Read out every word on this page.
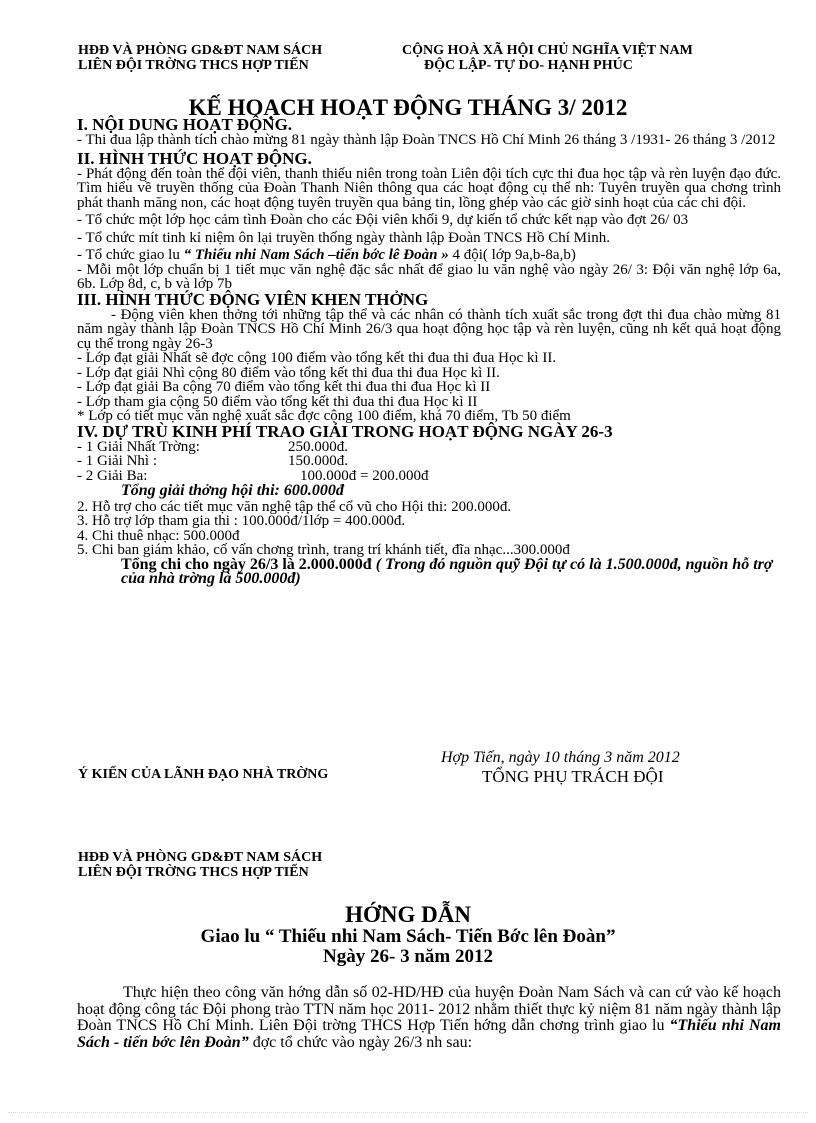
HĐĐ VÀ PHÒNG GD&ĐT NAM SÁCH
LIÊN ĐỘI TRỜNG THCS HỢP TIẾN
CỘNG HOÀ XÃ HỘI CHỦ NGHĨA VIỆT NAM
ĐỘC LẬP- TỰ DO- HẠNH PHÚC
KẾ HOẠCH HOẠT ĐỘNG THÁNG 3/ 2012
I. NỘI DUNG HOẠT ĐỘNG.
- Thi đua lập thành tích chào mừng 81 ngày thành lập Đoàn TNCS Hồ Chí Minh 26 tháng 3 /1931- 26 tháng 3 /2012
II. HÌNH THỨC HOẠT ĐỘNG.
- Phát động đến toàn thể đội viên, thanh thiếu niên trong toàn Liên đội tích cực thi đua học tập và rèn luyện đạo đức. Tìm hiểu về truyền thống của Đoàn Thanh Niên thông qua các hoạt động cụ thể nh: Tuyên truyền qua chơng trình phát thanh măng non, các hoạt động tuyên truyền qua bảng tin, lồng ghép vào các giờ sinh hoạt của các chi đội.
- Tổ chức một lớp học cảm tình Đoàn cho các Đội viên khối 9, dự kiến tổ chức kết nạp vào đợt 26/ 03
- Tổ chức mít tinh kỉ niệm ôn lại truyền thống ngày thành lập Đoàn TNCS Hồ Chí Minh.
- Tổ chức giao lu “ Thiếu nhi Nam Sách –tiến bớc lê Đoàn » 4 đội( lớp 9a,b-8a,b)
- Mỗi một lớp chuẩn bị 1 tiết mục văn nghệ đặc sắc nhất để giao lu văn nghệ vào ngày 26/ 3: Đội văn nghệ lớp 6a, 6b. Lớp 8d, c, b và lớp 7b
III. HÌNH THỨC ĐỘNG VIÊN KHEN THỞNG
- Động viên khen thởng tới những tập thể và các nhân có thành tích xuất sắc trong đợt thi đua chào mừng 81 năm ngày thành lập Đoàn TNCS Hồ Chí Minh 26/3 qua hoạt động học tập và rèn luyện, cũng nh kết quả hoạt động cụ thể trong ngày 26-3
- Lớp đạt giải Nhất sẽ đợc cộng 100 điểm vào tổng kết thi đua thi đua Học kì II.
- Lớp đạt giải Nhì cộng 80 điểm vào tổng kết thi đua thi đua Học kì II.
- Lớp đạt giải Ba cộng 70 điểm vào tổng kết thi đua thi đua Học kì II
- Lớp tham gia cộng 50 điểm vào tổng kết thi đua thi đua Học kì II
* Lớp có tiết mục văn nghệ xuất sắc đợc cộng 100 điểm, khá 70 điểm, Tb 50 điểm
IV. DỰ TRÙ KINH PHÍ TRAO GIẢI TRONG HOẠT ĐỘNG NGÀY 26-3
- 1 Giải Nhất Trờng:	250.000đ.
- 1 Giải Nhì :	150.000đ.
- 2 Giải Ba:	100.000đ = 200.000đ
Tổng giải thởng hội thi: 600.000đ
2. Hỗ trợ cho các tiết mục văn nghệ tập thể cổ vũ cho Hội thi: 200.000đ.
3. Hỗ trợ lớp tham gia thi : 100.000đ/1lớp = 400.000đ.
4. Chi thuê nhạc: 500.000đ
5. Chi ban giám khảo, cố vấn chơng trình, trang trí khánh tiết, đĩa nhạc...300.000đ
Tổng chi cho ngày 26/3 là 2.000.000đ ( Trong đó nguồn quỹ Đội tự có là 1.500.000đ, nguồn hỗ trợ của nhà trờng là 500.000đ)
Hợp Tiến, ngày 10 tháng 3 năm 2012
Ý KIẾN CỦA LÃNH ĐẠO NHÀ TRỜNG	TỔNG PHỤ TRÁCH ĐỘI
HĐĐ VÀ PHÒNG GD&ĐT NAM SÁCH
LIÊN ĐỘI TRỜNG THCS HỢP TIẾN
HỚNG DẪN
Giao lu “ Thiếu nhi Nam Sách- Tiến Bớc lên Đoàn”
Ngày 26- 3 năm 2012
Thực hiện theo công văn hớng dẫn số 02-HD/HĐ của huyện Đoàn Nam Sách và can cứ vào kế hoạch hoạt động công tác Đội phong trào TTN năm học 2011- 2012 nhằm thiết thực kỷ niệm 81 năm ngày thành lập Đoàn TNCS Hồ Chí Minh. Liên Đội trờng THCS Hợp Tiến hớng dẫn chơng trình giao lu “Thiếu nhi Nam Sách - tiến bớc lên Đoàn” đợc tổ chức vào ngày 26/3 nh sau:
